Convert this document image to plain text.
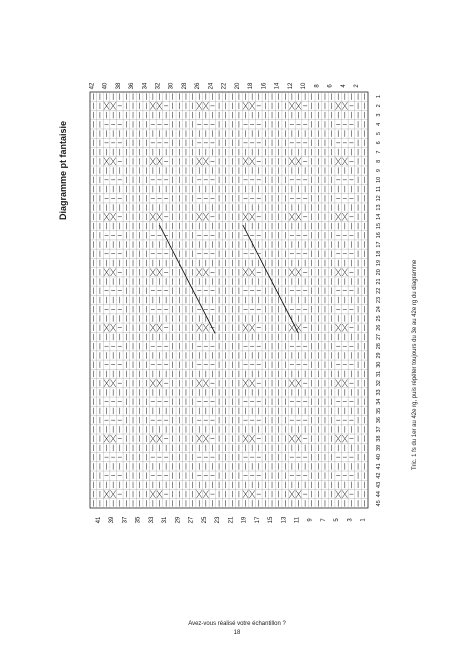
Diagramme pt fantaisie
42 40 38 36 34 32 30 28 26 24 22 20 18 16 14 12 10 8 6 4 2
41 39 37 35 33 31 29 27 25 23 21 19 17 15 13 11 9 7 5 3 1
1
2
3
4
5
6
7
8
9
10
11
12
13
14
15
16
17
18
19
20
21
22
23
24
25
26
27
28
29
30
31
32
33
34
35
36
37
38
39
40
41
42
43
44
45
Tric. 1 fs du 1er au 42e rg, puis répéter toujours du 3e au 42e rg du diagramme
Avez-vous réalisé votre échantillon ?
18
